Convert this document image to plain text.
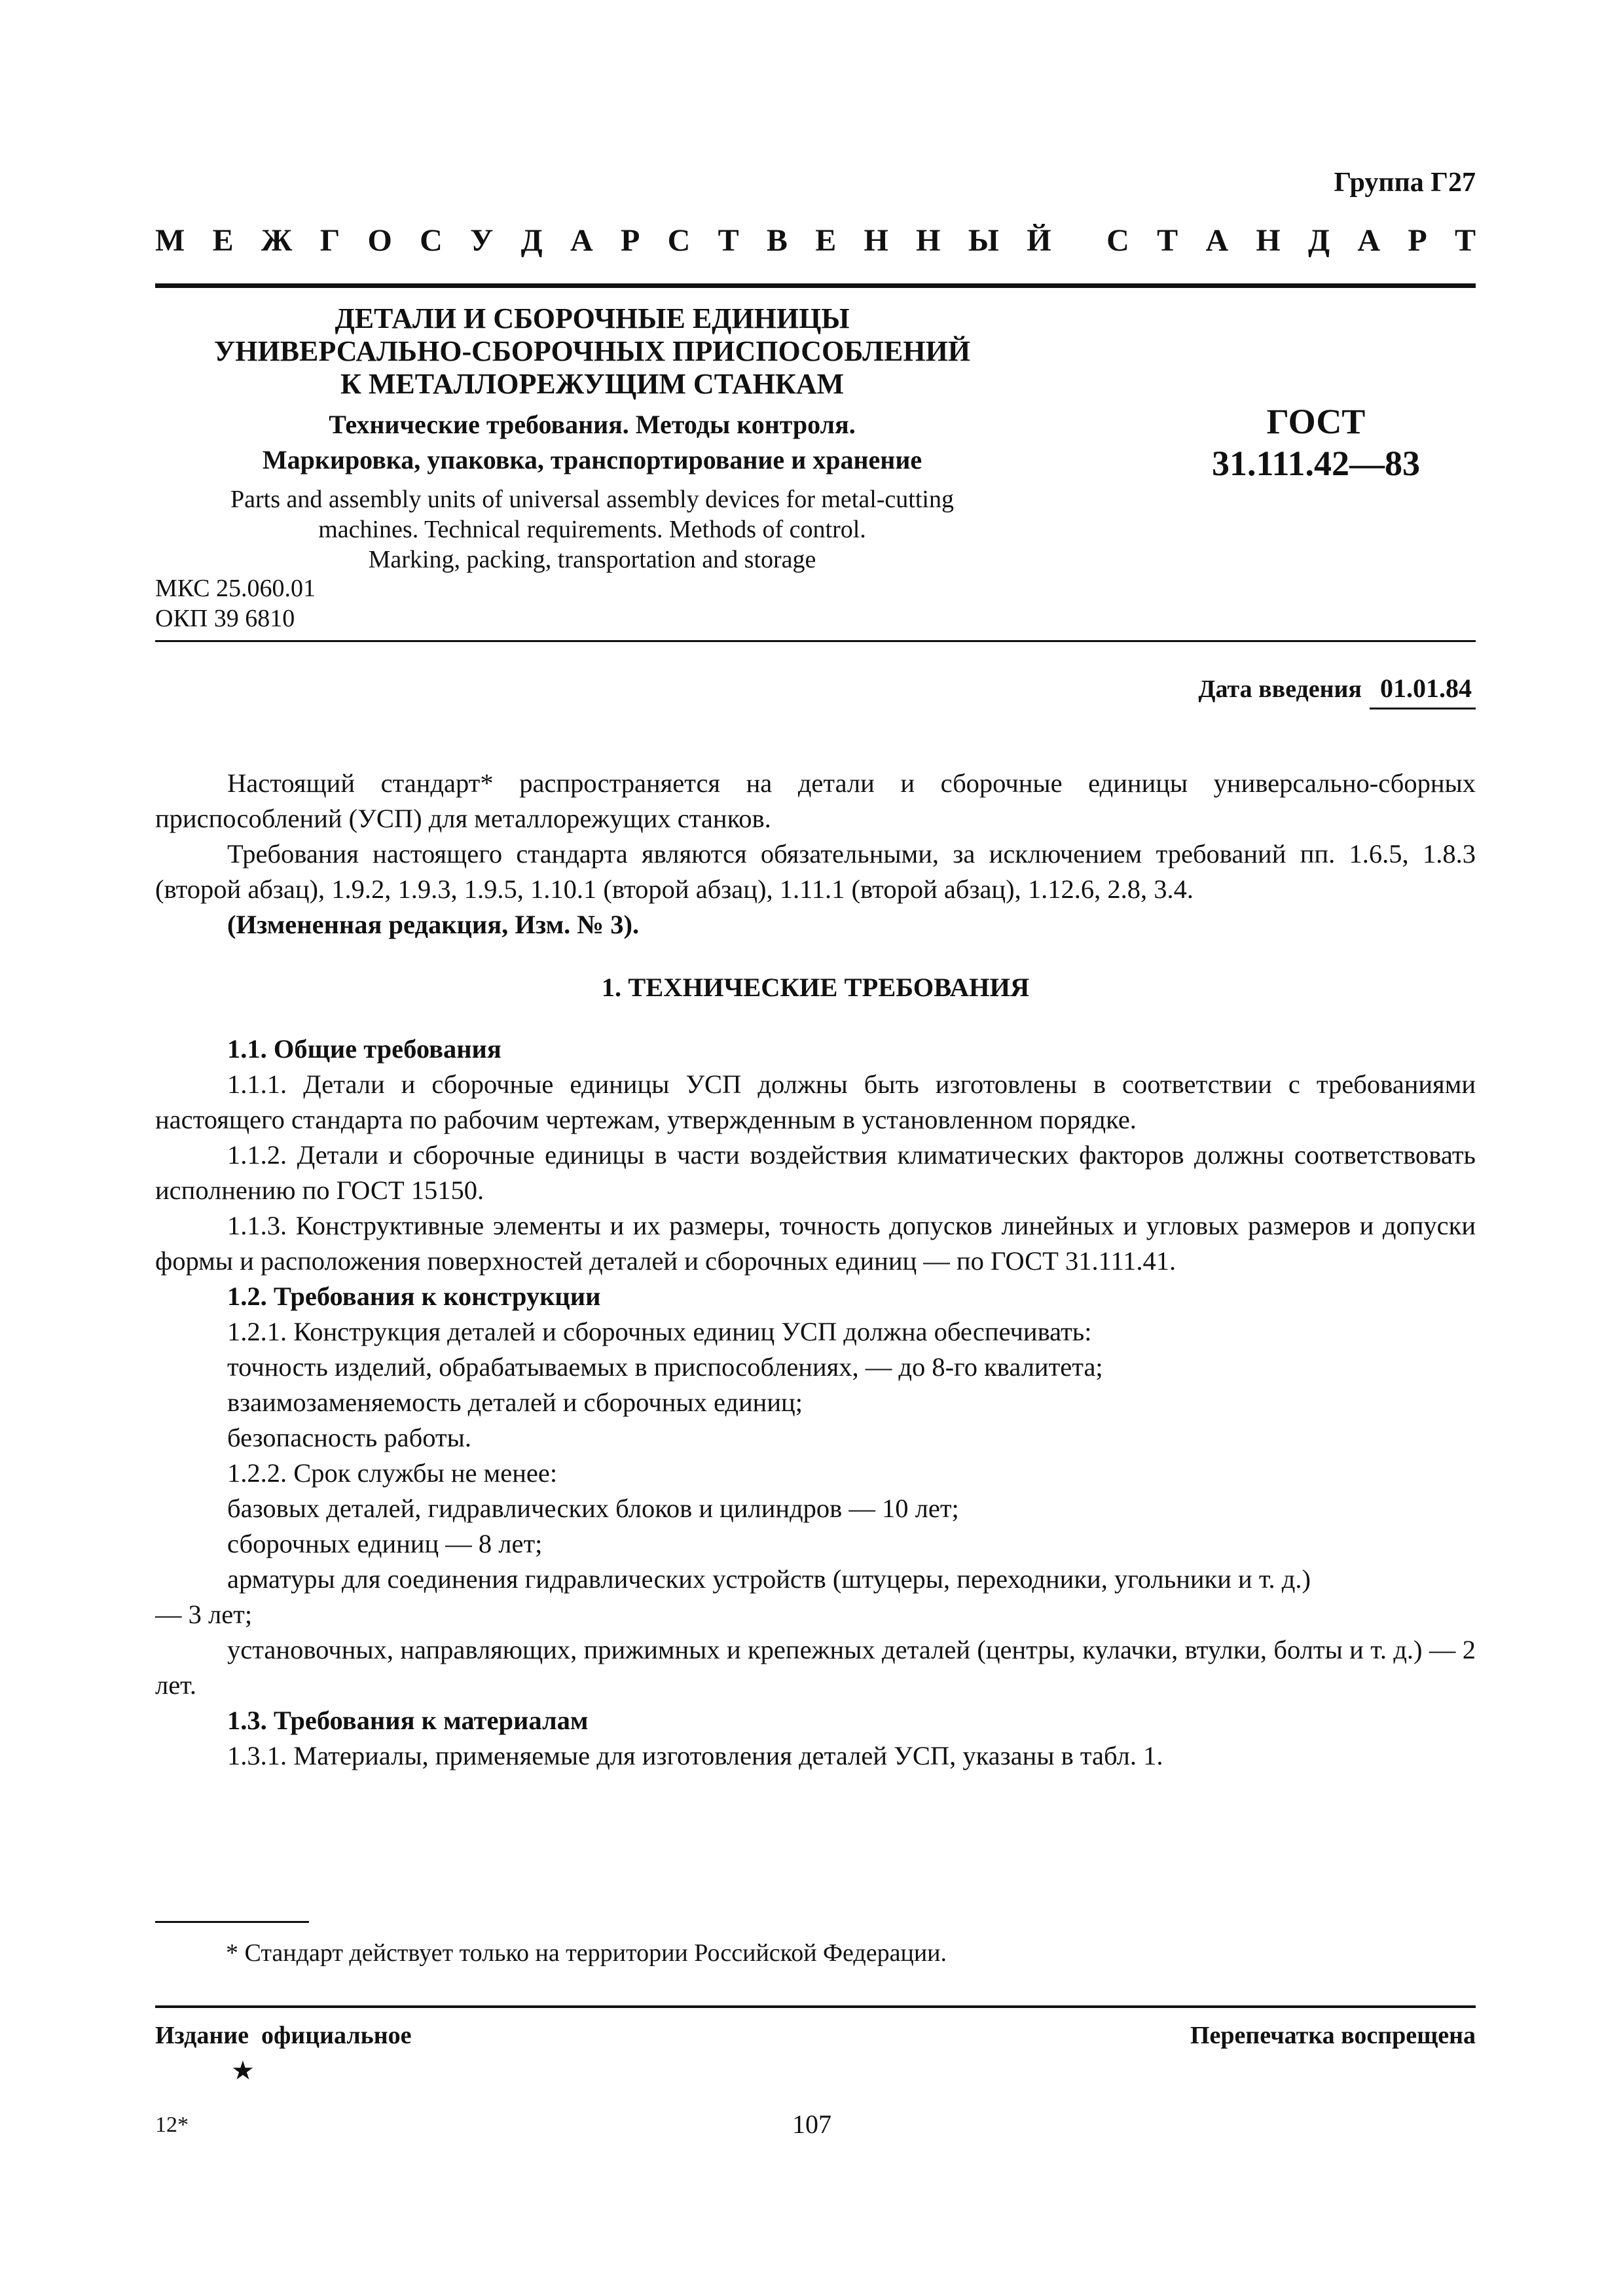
Группа Г27
М Е Ж Г О С У Д А Р С Т В Е Н Н Ы Й С Т А Н Д А Р Т
ДЕТАЛИ И СБОРОЧНЫЕ ЕДИНИЦЫ
УНИВЕРСАЛЬНО-СБОРОЧНЫХ ПРИСПОСОБЛЕНИЙ
К МЕТАЛЛОРЕЖУЩИМ СТАНКАМ
Технические требования. Методы контроля.
Маркировка, упаковка, транспортирование и хранение
Parts and assembly units of universal assembly devices for metal-cutting
machines. Technical requirements. Methods of control.
Marking, packing, transportation and storage
ГОСТ
31.111.42—83
МКС 25.060.01
ОКП 39 6810
Дата введения 01.01.84

Настоящий стандарт* распространяется на детали и сборочные единицы универсально-сборных приспособлений (УСП) для металлорежущих станков.

Требования настоящего стандарта являются обязательными, за исключением требований пп. 1.6.5, 1.8.3 (второй абзац), 1.9.2, 1.9.3, 1.9.5, 1.10.1 (второй абзац), 1.11.1 (второй абзац), 1.12.6, 2.8, 3.4.

(Измененная редакция, Изм. № 3).

1. ТЕХНИЧЕСКИЕ ТРЕБОВАНИЯ

1.1. Общие требования

1.1.1. Детали и сборочные единицы УСП должны быть изготовлены в соответствии с требованиями настоящего стандарта по рабочим чертежам, утвержденным в установленном порядке.

1.1.2. Детали и сборочные единицы в части воздействия климатических факторов должны соответствовать исполнению по ГОСТ 15150.

1.1.3. Конструктивные элементы и их размеры, точность допусков линейных и угловых размеров и допуски формы и расположения поверхностей деталей и сборочных единиц — по ГОСТ 31.111.41.

1.2. Требования к конструкции

1.2.1. Конструкция деталей и сборочных единиц УСП должна обеспечивать:

точность изделий, обрабатываемых в приспособлениях, — до 8-го квалитета;

взаимозаменяемость деталей и сборочных единиц;

безопасность работы.

1.2.2. Срок службы не менее:

базовых деталей, гидравлических блоков и цилиндров — 10 лет;

сборочных единиц — 8 лет;

арматуры для соединения гидравлических устройств (штуцеры, переходники, угольники и т. д.)

— 3 лет;

установочных, направляющих, прижимных и крепежных деталей (центры, кулачки, втулки, болты и т. д.) — 2 лет.

1.3. Требования к материалам

1.3.1. Материалы, применяемые для изготовления деталей УСП, указаны в табл. 1.

* Стандарт действует только на территории Российской Федерации.
Издание  официальное	Перепечатка воспрещена
★
12*	107
